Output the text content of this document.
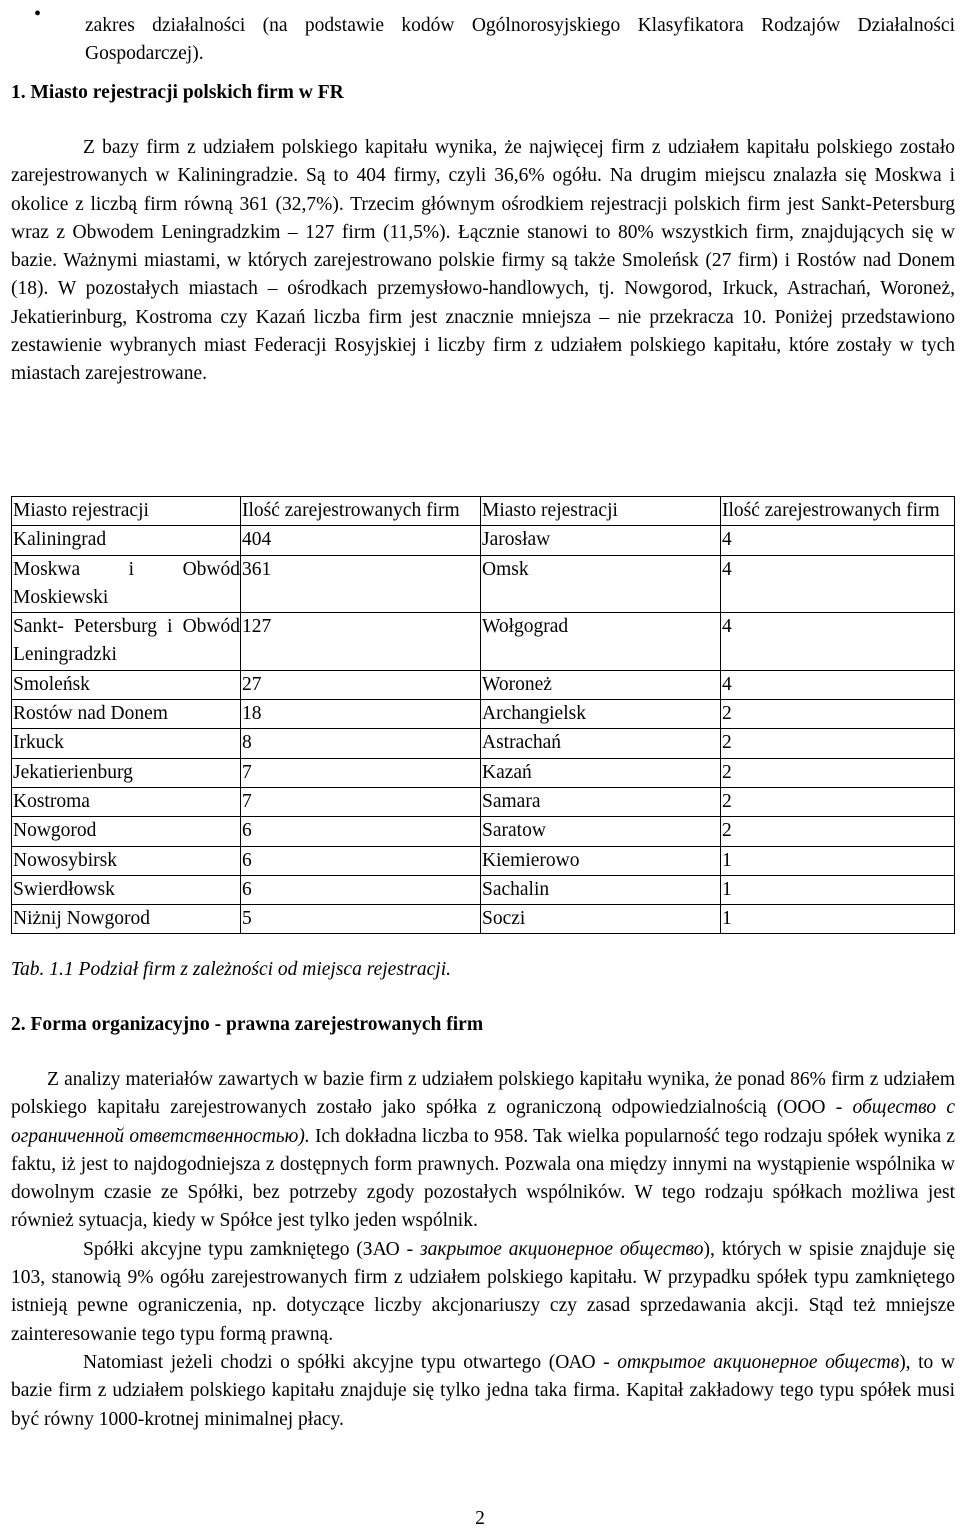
• zakres działalności (na podstawie kodów Ogólnorosyjskiego Klasyfikatora Rodzajów Działalności Gospodarczej).

1. Miasto rejestracji polskich firm w FR

Z bazy firm z udziałem polskiego kapitału wynika, że najwięcej firm z udziałem kapitału polskiego zostało zarejestrowanych w Kaliningradzie. Są to 404 firmy, czyli 36,6% ogółu. Na drugim miejscu znalazła się Moskwa i okolice z liczbą firm równą 361 (32,7%). Trzecim głównym ośrodkiem rejestracji polskich firm jest Sankt-Petersburg wraz z Obwodem Leningradzkim – 127 firm (11,5%). Łącznie stanowi to 80% wszystkich firm, znajdujących się w bazie. Ważnymi miastami, w których zarejestrowano polskie firmy są także Smoleńsk (27 firm) i Rostów nad Donem (18). W pozostałych miastach – ośrodkach przemysłowo-handlowych, tj. Nowgorod, Irkuck, Astrachań, Woroneż, Jekatierinburg, Kostroma czy Kazań liczba firm jest znacznie mniejsza – nie przekracza 10. Poniżej przedstawiono zestawienie wybranych miast Federacji Rosyjskiej i liczby firm z udziałem polskiego kapitału, które zostały w tych miastach zarejestrowane.

Miasto rejestracji	Ilość zarejestrowanych firm	Miasto rejestracji	Ilość zarejestrowanych firm
Kaliningrad	404	Jarosław	4
Moskwa i Obwód Moskiewski	361	Omsk	4
Sankt- Petersburg i Obwód Leningradzki	127	Wołgograd	4
Smoleńsk	27	Woroneż	4
Rostów nad Donem	18	Archangielsk	2
Irkuck	8	Astrachań	2
Jekatierienburg	7	Kazań	2
Kostroma	7	Samara	2
Nowgorod	6	Saratow	2
Nowosybirsk	6	Kiemierowo	1
Swierdłowsk	6	Sachalin	1
Niżnij Nowgorod	5	Soczi	1
Tab. 1.1 Podział firm z zależności od miejsca rejestracji.
2. Forma organizacyjno - prawna zarejestrowanych firm

Z analizy materiałów zawartych w bazie firm z udziałem polskiego kapitału wynika, że ponad 86% firm z udziałem polskiego kapitału zarejestrowanych zostało jako spółka z ograniczoną odpowiedzialnością (ООО - общество с ограниченной ответственностью). Ich dokładna liczba to 958. Tak wielka popularność tego rodzaju spółek wynika z faktu, iż jest to najdogodniejsza z dostępnych form prawnych. Pozwala ona między innymi na wystąpienie wspólnika w dowolnym czasie ze Spółki, bez potrzeby zgody pozostałych wspólników. W tego rodzaju spółkach możliwa jest również sytuacja, kiedy w Spółce jest tylko jeden wspólnik.

Spółki akcyjne typu zamkniętego (ЗАО - закрытое акционерное общество), których w spisie znajduje się 103, stanowią 9% ogółu zarejestrowanych firm z udziałem polskiego kapitału. W przypadku spółek typu zamkniętego istnieją pewne ograniczenia, np. dotyczące liczby akcjonariuszy czy zasad sprzedawania akcji. Stąd też mniejsze zainteresowanie tego typu formą prawną.

Natomiast jeżeli chodzi o spółki akcyjne typu otwartego (ОАО - открытое акционерное обществ), to w bazie firm z udziałem polskiego kapitału znajduje się tylko jedna taka firma. Kapitał zakładowy tego typu spółek musi być równy 1000-krotnej minimalnej płacy.

2
